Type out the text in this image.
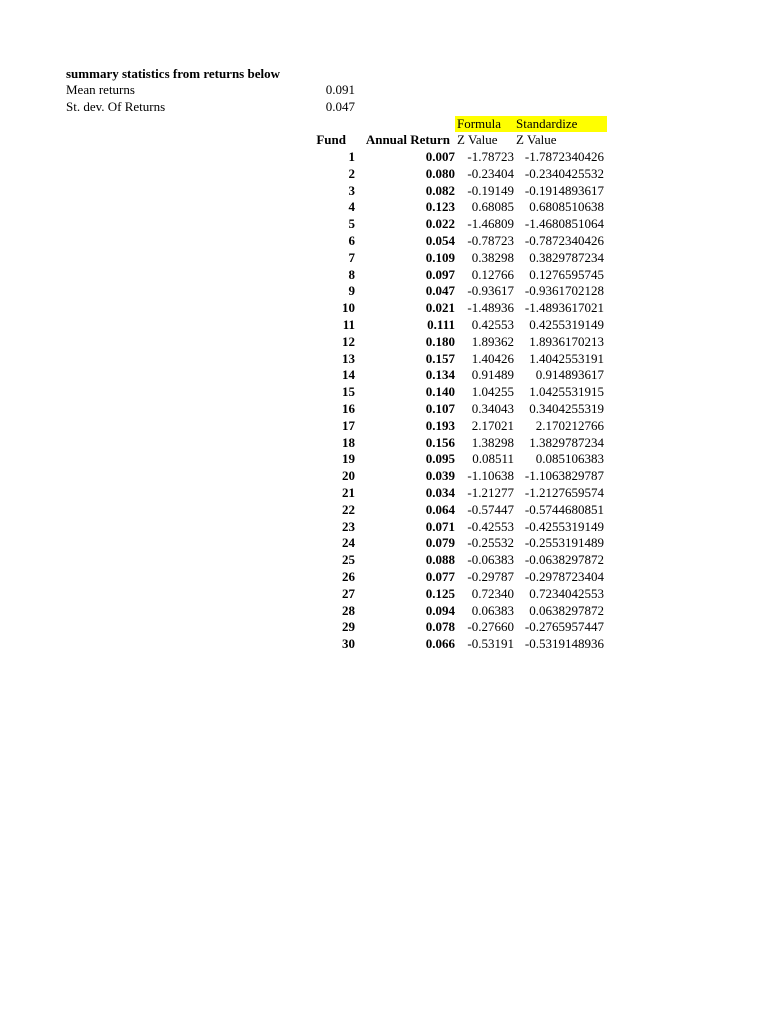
summary statistics from returns below
Mean returns	0.091
St. dev. Of Returns	0.047
Formula Standardize
Fund	Annual Return Z Value Z Value
1	0.007	-1.78723	-1.7872340426
2	0.080	-0.23404	-0.2340425532
3	0.082	-0.19149	-0.1914893617
4	0.123	0.68085	0.6808510638
5	0.022	-1.46809	-1.4680851064
6	0.054	-0.78723	-0.7872340426
7	0.109	0.38298	0.3829787234
8	0.097	0.12766	0.1276595745
9	0.047	-0.93617	-0.9361702128
10	0.021	-1.48936	-1.4893617021
11	0.111	0.42553	0.4255319149
12	0.180	1.89362	1.8936170213
13	0.157	1.40426	1.4042553191
14	0.134	0.91489	0.914893617
15	0.140	1.04255	1.0425531915
16	0.107	0.34043	0.3404255319
17	0.193	2.17021	2.170212766
18	0.156	1.38298	1.3829787234
19	0.095	0.08511	0.085106383
20	0.039	-1.10638	-1.1063829787
21	0.034	-1.21277	-1.2127659574
22	0.064	-0.57447	-0.5744680851
23	0.071	-0.42553	-0.4255319149
24	0.079	-0.25532	-0.2553191489
25	0.088	-0.06383	-0.0638297872
26	0.077	-0.29787	-0.2978723404
27	0.125	0.72340	0.7234042553
28	0.094	0.06383	0.0638297872
29	0.078	-0.27660	-0.2765957447
30	0.066	-0.53191	-0.5319148936
